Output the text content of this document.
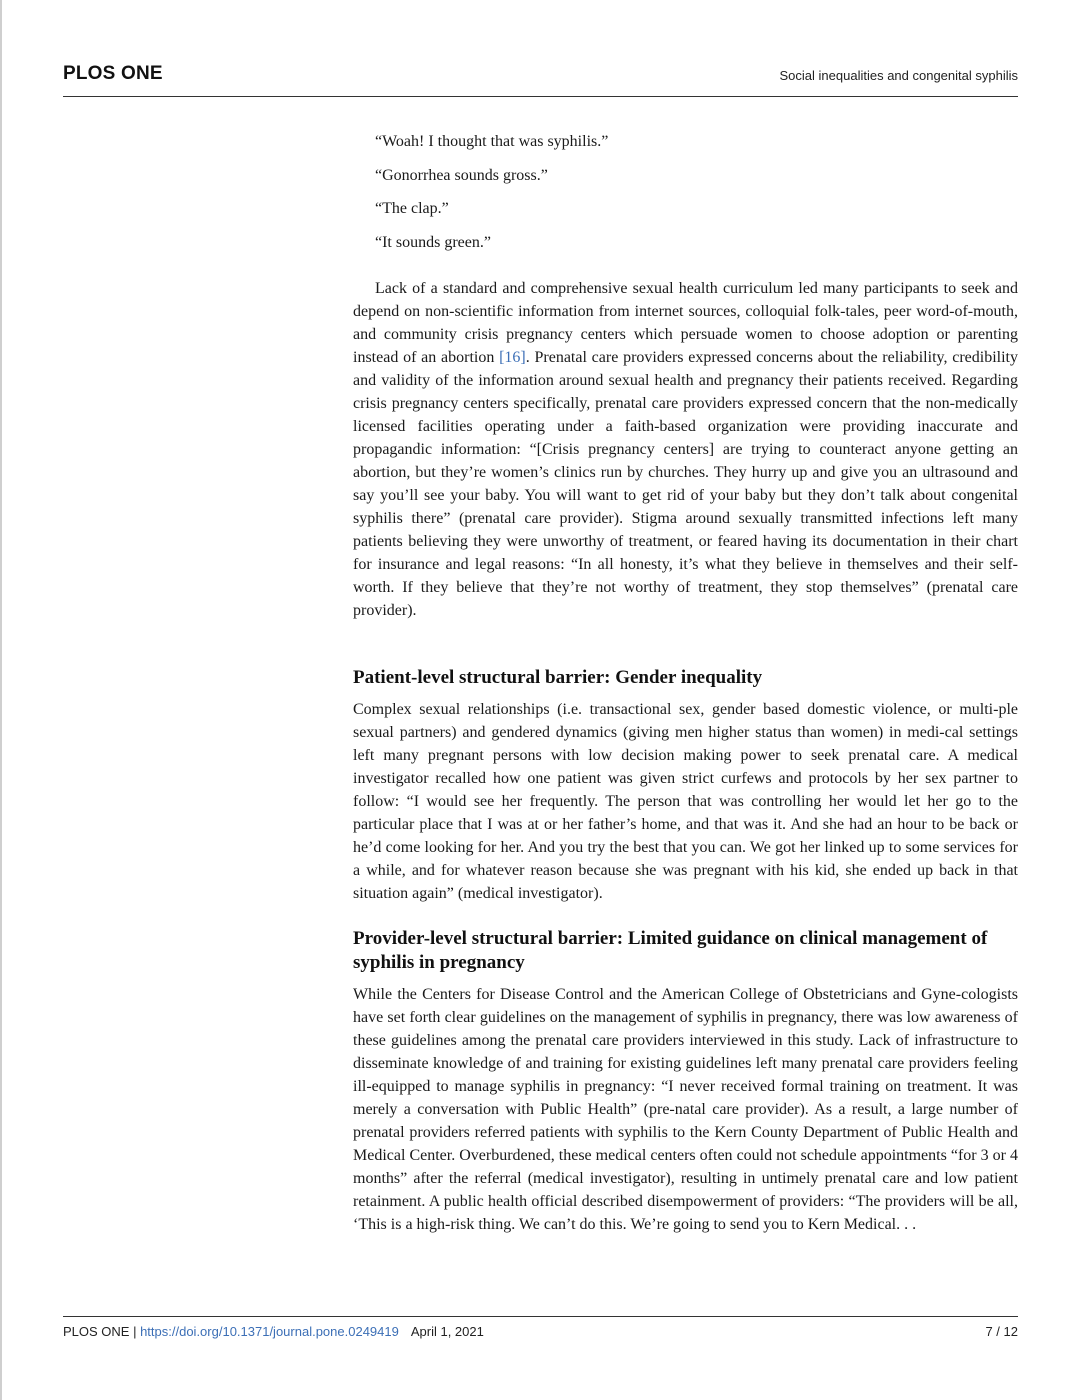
PLOS ONE	Social inequalities and congenital syphilis

“Woah! I thought that was syphilis.”

“Gonorrhea sounds gross.”

“The clap.”

“It sounds green.”

Lack of a standard and comprehensive sexual health curriculum led many participants to seek and depend on non-scientific information from internet sources, colloquial folk-tales, peer word-of-mouth, and community crisis pregnancy centers which persuade women to choose adoption or parenting instead of an abortion [16]. Prenatal care providers expressed concerns about the reliability, credibility and validity of the information around sexual health and pregnancy their patients received. Regarding crisis pregnancy centers specifically, prenatal care providers expressed concern that the non-medically licensed facilities operating under a faith-based organization were providing inaccurate and propagandic information: “[Crisis pregnancy centers] are trying to counteract anyone getting an abortion, but they’re women’s clinics run by churches. They hurry up and give you an ultrasound and say you’ll see your baby. You will want to get rid of your baby but they don’t talk about congenital syphilis there” (prenatal care provider). Stigma around sexually transmitted infections left many patients believing they were unworthy of treatment, or feared having its documentation in their chart for insurance and legal reasons: “In all honesty, it’s what they believe in themselves and their self-worth. If they believe that they’re not worthy of treatment, they stop themselves” (prenatal care provider).

Patient-level structural barrier: Gender inequality

Complex sexual relationships (i.e. transactional sex, gender based domestic violence, or multi-ple sexual partners) and gendered dynamics (giving men higher status than women) in medi-cal settings left many pregnant persons with low decision making power to seek prenatal care. A medical investigator recalled how one patient was given strict curfews and protocols by her sex partner to follow: “I would see her frequently. The person that was controlling her would let her go to the particular place that I was at or her father’s home, and that was it. And she had an hour to be back or he’d come looking for her. And you try the best that you can. We got her linked up to some services for a while, and for whatever reason because she was pregnant with his kid, she ended up back in that situation again” (medical investigator).

Provider-level structural barrier: Limited guidance on clinical management of syphilis in pregnancy

While the Centers for Disease Control and the American College of Obstetricians and Gyne-cologists have set forth clear guidelines on the management of syphilis in pregnancy, there was low awareness of these guidelines among the prenatal care providers interviewed in this study. Lack of infrastructure to disseminate knowledge of and training for existing guidelines left many prenatal care providers feeling ill-equipped to manage syphilis in pregnancy: “I never received formal training on treatment. It was merely a conversation with Public Health” (pre-natal care provider). As a result, a large number of prenatal providers referred patients with syphilis to the Kern County Department of Public Health and Medical Center. Overburdened, these medical centers often could not schedule appointments “for 3 or 4 months” after the referral (medical investigator), resulting in untimely prenatal care and low patient retainment. A public health official described disempowerment of providers: “The providers will be all, ‘This is a high-risk thing. We can’t do this. We’re going to send you to Kern Medical. . .

PLOS ONE | https://doi.org/10.1371/journal.pone.0249419 April 1, 2021	7 / 12
